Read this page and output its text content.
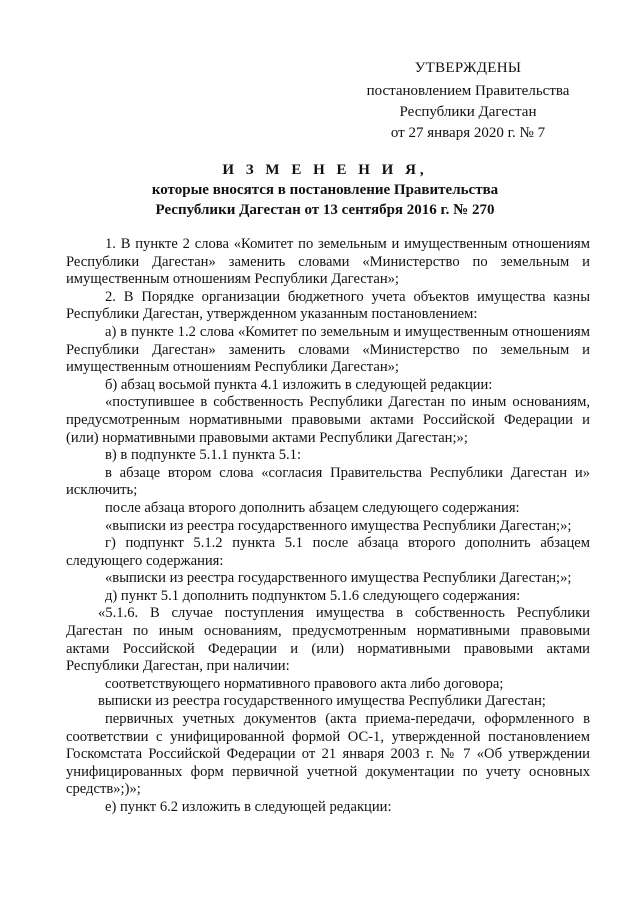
УТВЕРЖДЕНЫ
постановлением Правительства
Республики Дагестан
от 27 января 2020 г. № 7
И З М Е Н Е Н И Я,
которые вносятся в постановление Правительства
Республики Дагестан от 13 сентября 2016 г. № 270

1. В пункте 2 слова «Комитет по земельным и имущественным отношениям Республики Дагестан» заменить словами «Министерство по земельным и имущественным отношениям Республики Дагестан»;

2. В Порядке организации бюджетного учета объектов имущества казны Республики Дагестан, утвержденном указанным постановлением:

а) в пункте 1.2 слова «Комитет по земельным и имущественным отношениям Республики Дагестан» заменить словами «Министерство по земельным и имущественным отношениям Республики Дагестан»;

б) абзац восьмой пункта 4.1 изложить в следующей редакции:

«поступившее в собственность Республики Дагестан по иным основаниям, предусмотренным нормативными правовыми актами Российской Федерации и (или) нормативными правовыми актами Республики Дагестан;»;

в) в подпункте 5.1.1 пункта 5.1:

в абзаце втором слова «согласия Правительства Республики Дагестан и» исключить;

после абзаца второго дополнить абзацем следующего содержания:

«выписки из реестра государственного имущества Республики Дагестан;»;

г) подпункт 5.1.2 пункта 5.1 после абзаца второго дополнить абзацем следующего содержания:

«выписки из реестра государственного имущества Республики Дагестан;»;

д) пункт 5.1 дополнить подпунктом 5.1.6 следующего содержания:

«5.1.6. В случае поступления имущества в собственность Республики Дагестан по иным основаниям, предусмотренным нормативными правовыми актами Российской Федерации и (или) нормативными правовыми актами Республики Дагестан, при наличии:

соответствующего нормативного правового акта либо договора;

выписки из реестра государственного имущества Республики Дагестан;

первичных учетных документов (акта приема-передачи, оформленного в соответствии с унифицированной формой ОС-1, утвержденной постановлением Госкомстата Российской Федерации от 21 января 2003 г. № 7 «Об утверждении унифицированных форм первичной учетной документации по учету основных средств»;)»;

е) пункт 6.2 изложить в следующей редакции:
